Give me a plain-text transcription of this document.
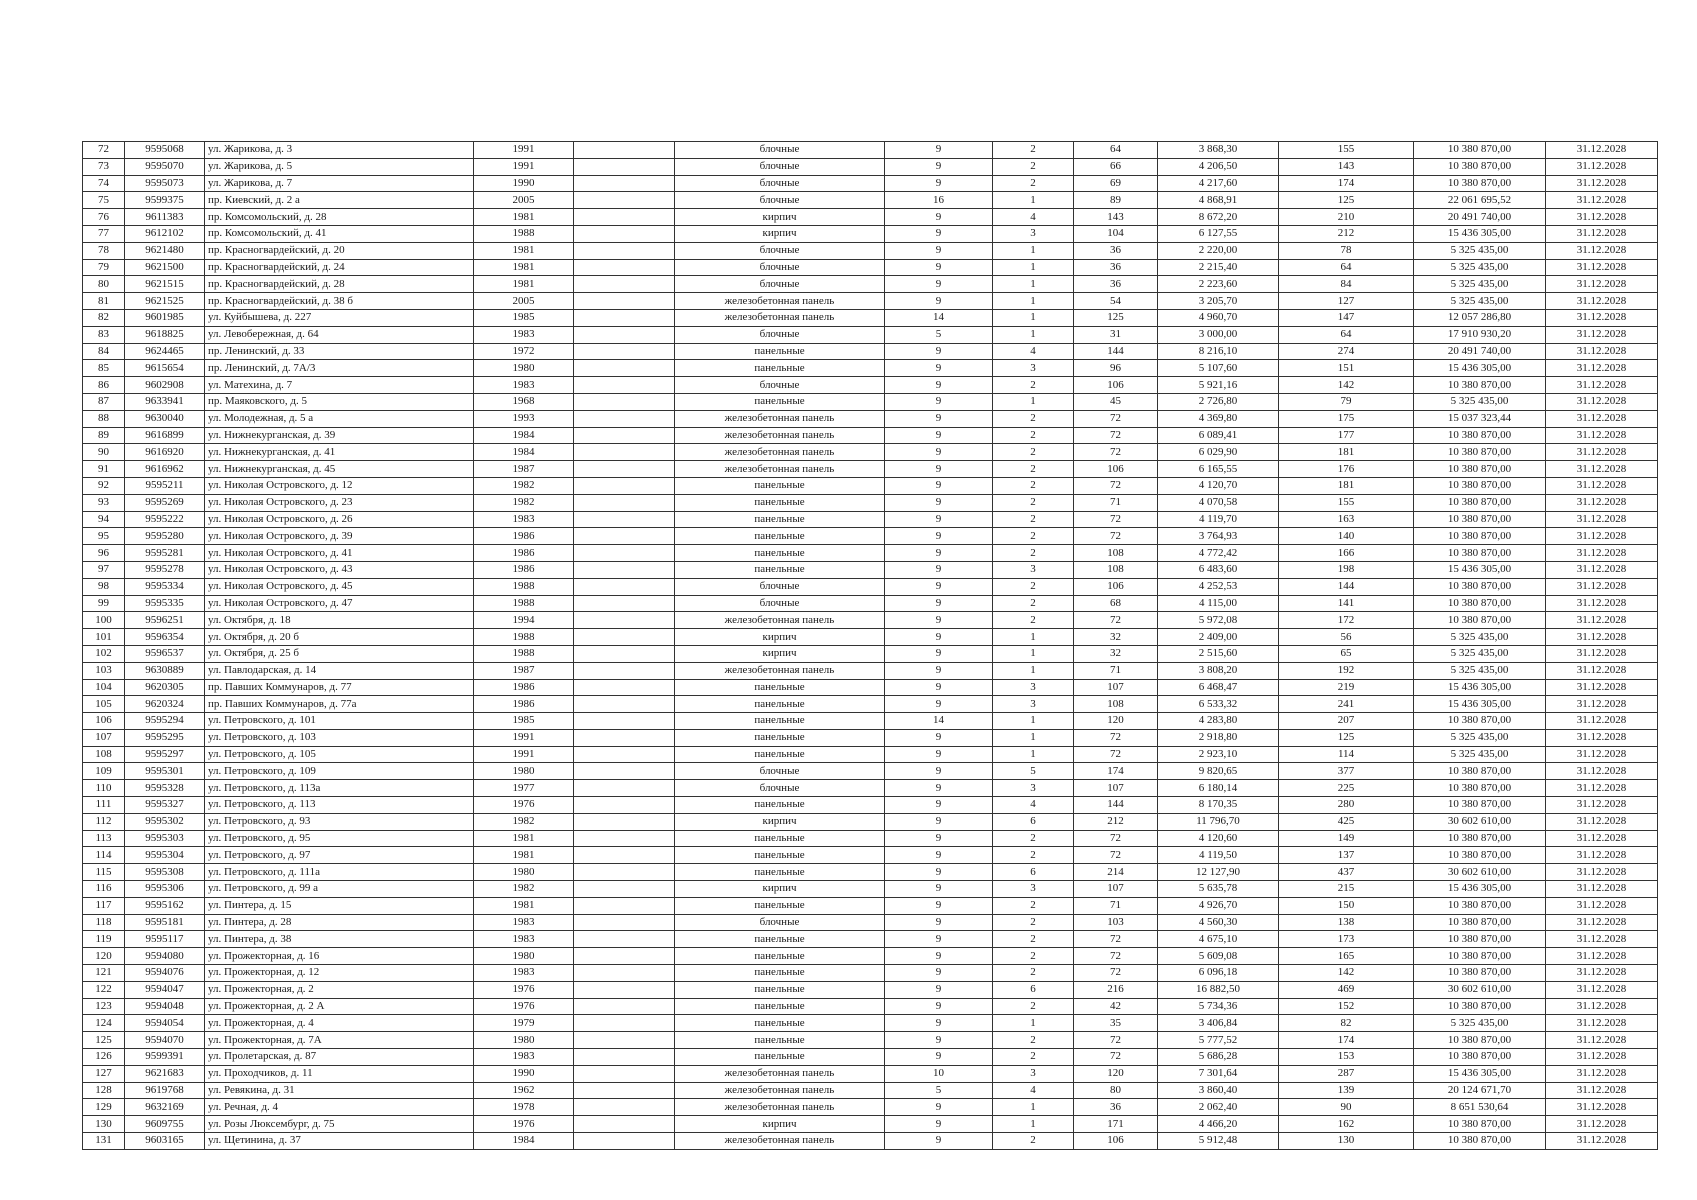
72	9595068	ул. Жарикова, д. 3	1991		блочные	9	2	64	3 868,30	155	10 380 870,00	31.12.2028
73	9595070	ул. Жарикова, д. 5	1991		блочные	9	2	66	4 206,50	143	10 380 870,00	31.12.2028
74	9595073	ул. Жарикова, д. 7	1990		блочные	9	2	69	4 217,60	174	10 380 870,00	31.12.2028
75	9599375	пр. Киевский, д. 2 а	2005		блочные	16	1	89	4 868,91	125	22 061 695,52	31.12.2028
76	9611383	пр. Комсомольский, д. 28	1981		кирпич	9	4	143	8 672,20	210	20 491 740,00	31.12.2028
77	9612102	пр. Комсомольский, д. 41	1988		кирпич	9	3	104	6 127,55	212	15 436 305,00	31.12.2028
78	9621480	пр. Красногвардейский, д. 20	1981		блочные	9	1	36	2 220,00	78	5 325 435,00	31.12.2028
79	9621500	пр. Красногвардейский, д. 24	1981		блочные	9	1	36	2 215,40	64	5 325 435,00	31.12.2028
80	9621515	пр. Красногвардейский, д. 28	1981		блочные	9	1	36	2 223,60	84	5 325 435,00	31.12.2028
81	9621525	пр. Красногвардейский, д. 38 б	2005		железобетонная панель	9	1	54	3 205,70	127	5 325 435,00	31.12.2028
82	9601985	ул. Куйбышева, д. 227	1985		железобетонная панель	14	1	125	4 960,70	147	12 057 286,80	31.12.2028
83	9618825	ул. Левобережная, д. 64	1983		блочные	5	1	31	3 000,00	64	17 910 930,20	31.12.2028
84	9624465	пр. Ленинский, д. 33	1972		панельные	9	4	144	8 216,10	274	20 491 740,00	31.12.2028
85	9615654	пр. Ленинский, д. 7А/3	1980		панельные	9	3	96	5 107,60	151	15 436 305,00	31.12.2028
86	9602908	ул. Матехина, д. 7	1983		блочные	9	2	106	5 921,16	142	10 380 870,00	31.12.2028
87	9633941	пр. Маяковского, д. 5	1968		панельные	9	1	45	2 726,80	79	5 325 435,00	31.12.2028
88	9630040	ул. Молодежная, д. 5 а	1993		железобетонная панель	9	2	72	4 369,80	175	15 037 323,44	31.12.2028
89	9616899	ул. Нижнекурганская, д. 39	1984		железобетонная панель	9	2	72	6 089,41	177	10 380 870,00	31.12.2028
90	9616920	ул. Нижнекурганская, д. 41	1984		железобетонная панель	9	2	72	6 029,90	181	10 380 870,00	31.12.2028
91	9616962	ул. Нижнекурганская, д. 45	1987		железобетонная панель	9	2	106	6 165,55	176	10 380 870,00	31.12.2028
92	9595211	ул. Николая Островского, д. 12	1982		панельные	9	2	72	4 120,70	181	10 380 870,00	31.12.2028
93	9595269	ул. Николая Островского, д. 23	1982		панельные	9	2	71	4 070,58	155	10 380 870,00	31.12.2028
94	9595222	ул. Николая Островского, д. 26	1983		панельные	9	2	72	4 119,70	163	10 380 870,00	31.12.2028
95	9595280	ул. Николая Островского, д. 39	1986		панельные	9	2	72	3 764,93	140	10 380 870,00	31.12.2028
96	9595281	ул. Николая Островского, д. 41	1986		панельные	9	2	108	4 772,42	166	10 380 870,00	31.12.2028
97	9595278	ул. Николая Островского, д. 43	1986		панельные	9	3	108	6 483,60	198	15 436 305,00	31.12.2028
98	9595334	ул. Николая Островского, д. 45	1988		блочные	9	2	106	4 252,53	144	10 380 870,00	31.12.2028
99	9595335	ул. Николая Островского, д. 47	1988		блочные	9	2	68	4 115,00	141	10 380 870,00	31.12.2028
100	9596251	ул. Октября, д. 18	1994		железобетонная панель	9	2	72	5 972,08	172	10 380 870,00	31.12.2028
101	9596354	ул. Октября, д. 20 б	1988		кирпич	9	1	32	2 409,00	56	5 325 435,00	31.12.2028
102	9596537	ул. Октября, д. 25 б	1988		кирпич	9	1	32	2 515,60	65	5 325 435,00	31.12.2028
103	9630889	ул. Павлодарская, д. 14	1987		железобетонная панель	9	1	71	3 808,20	192	5 325 435,00	31.12.2028
104	9620305	пр. Павших Коммунаров, д. 77	1986		панельные	9	3	107	6 468,47	219	15 436 305,00	31.12.2028
105	9620324	пр. Павших Коммунаров, д. 77а	1986		панельные	9	3	108	6 533,32	241	15 436 305,00	31.12.2028
106	9595294	ул. Петровского, д. 101	1985		панельные	14	1	120	4 283,80	207	10 380 870,00	31.12.2028
107	9595295	ул. Петровского, д. 103	1991		панельные	9	1	72	2 918,80	125	5 325 435,00	31.12.2028
108	9595297	ул. Петровского, д. 105	1991		панельные	9	1	72	2 923,10	114	5 325 435,00	31.12.2028
109	9595301	ул. Петровского, д. 109	1980		блочные	9	5	174	9 820,65	377	10 380 870,00	31.12.2028
110	9595328	ул. Петровского, д. 113а	1977		блочные	9	3	107	6 180,14	225	10 380 870,00	31.12.2028
111	9595327	ул. Петровского, д. 113	1976		панельные	9	4	144	8 170,35	280	10 380 870,00	31.12.2028
112	9595302	ул. Петровского, д. 93	1982		кирпич	9	6	212	11 796,70	425	30 602 610,00	31.12.2028
113	9595303	ул. Петровского, д. 95	1981		панельные	9	2	72	4 120,60	149	10 380 870,00	31.12.2028
114	9595304	ул. Петровского, д. 97	1981		панельные	9	2	72	4 119,50	137	10 380 870,00	31.12.2028
115	9595308	ул. Петровского, д. 111а	1980		панельные	9	6	214	12 127,90	437	30 602 610,00	31.12.2028
116	9595306	ул. Петровского, д. 99 а	1982		кирпич	9	3	107	5 635,78	215	15 436 305,00	31.12.2028
117	9595162	ул. Пинтера, д. 15	1981		панельные	9	2	71	4 926,70	150	10 380 870,00	31.12.2028
118	9595181	ул. Пинтера, д. 28	1983		блочные	9	2	103	4 560,30	138	10 380 870,00	31.12.2028
119	9595117	ул. Пинтера, д. 38	1983		панельные	9	2	72	4 675,10	173	10 380 870,00	31.12.2028
120	9594080	ул. Прожекторная, д. 16	1980		панельные	9	2	72	5 609,08	165	10 380 870,00	31.12.2028
121	9594076	ул. Прожекторная, д. 12	1983		панельные	9	2	72	6 096,18	142	10 380 870,00	31.12.2028
122	9594047	ул. Прожекторная, д. 2	1976		панельные	9	6	216	16 882,50	469	30 602 610,00	31.12.2028
123	9594048	ул. Прожекторная, д. 2 А	1976		панельные	9	2	42	5 734,36	152	10 380 870,00	31.12.2028
124	9594054	ул. Прожекторная, д. 4	1979		панельные	9	1	35	3 406,84	82	5 325 435,00	31.12.2028
125	9594070	ул. Прожекторная, д. 7А	1980		панельные	9	2	72	5 777,52	174	10 380 870,00	31.12.2028
126	9599391	ул. Пролетарская, д. 87	1983		панельные	9	2	72	5 686,28	153	10 380 870,00	31.12.2028
127	9621683	ул. Проходчиков, д. 11	1990		железобетонная панель	10	3	120	7 301,64	287	15 436 305,00	31.12.2028
128	9619768	ул. Ревякина, д. 31	1962		железобетонная панель	5	4	80	3 860,40	139	20 124 671,70	31.12.2028
129	9632169	ул. Речная, д. 4	1978		железобетонная панель	9	1	36	2 062,40	90	8 651 530,64	31.12.2028
130	9609755	ул. Розы Люксембург, д. 75	1976		кирпич	9	1	171	4 466,20	162	10 380 870,00	31.12.2028
131	9603165	ул. Щетинина, д. 37	1984		железобетонная панель	9	2	106	5 912,48	130	10 380 870,00	31.12.2028
